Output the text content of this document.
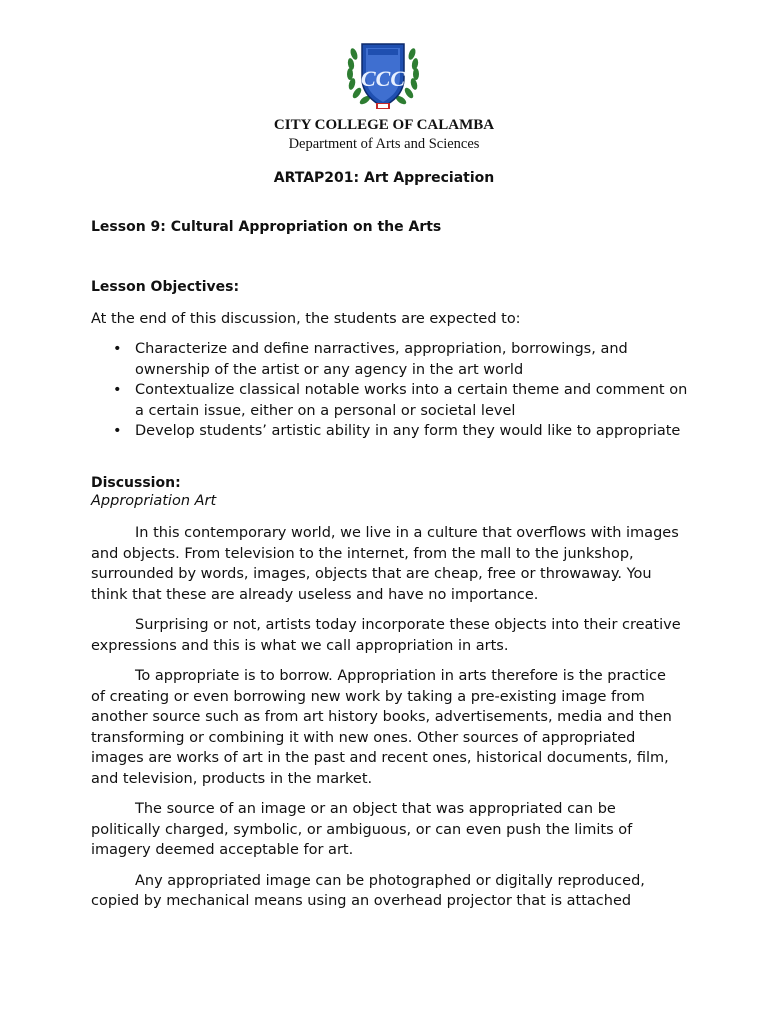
CCC
CITY COLLEGE OF CALAMBA
Department of Arts and Sciences
ARTAP201: Art Appreciation
Lesson 9: Cultural Appropriation on the Arts
Lesson Objectives:
At the end of this discussion, the students are expected to:
• Characterize and define narractives, appropriation, borrowings, and ownership of the artist or any agency in the art world
• Contextualize classical notable works into a certain theme and comment on a certain issue, either on a personal or societal level
• Develop students’ artistic ability in any form they would like to appropriate
Discussion:
Appropriation Art

In this contemporary world, we live in a culture that overflows with images and objects. From television to the internet, from the mall to the junkshop, surrounded by words, images, objects that are cheap, free or throwaway. You think that these are already useless and have no importance.

Surprising or not, artists today incorporate these objects into their creative expressions and this is what we call appropriation in arts.

To appropriate is to borrow. Appropriation in arts therefore is the practice of creating or even borrowing new work by taking a pre-existing image from another source such as from art history books, advertisements, media and then transforming or combining it with new ones. Other sources of appropriated images are works of art in the past and recent ones, historical documents, film, and television, products in the market.

The source of an image or an object that was appropriated can be politically charged, symbolic, or ambiguous, or can even push the limits of imagery deemed acceptable for art.

Any appropriated image can be photographed or digitally reproduced, copied by mechanical means using an overhead projector that is attached
